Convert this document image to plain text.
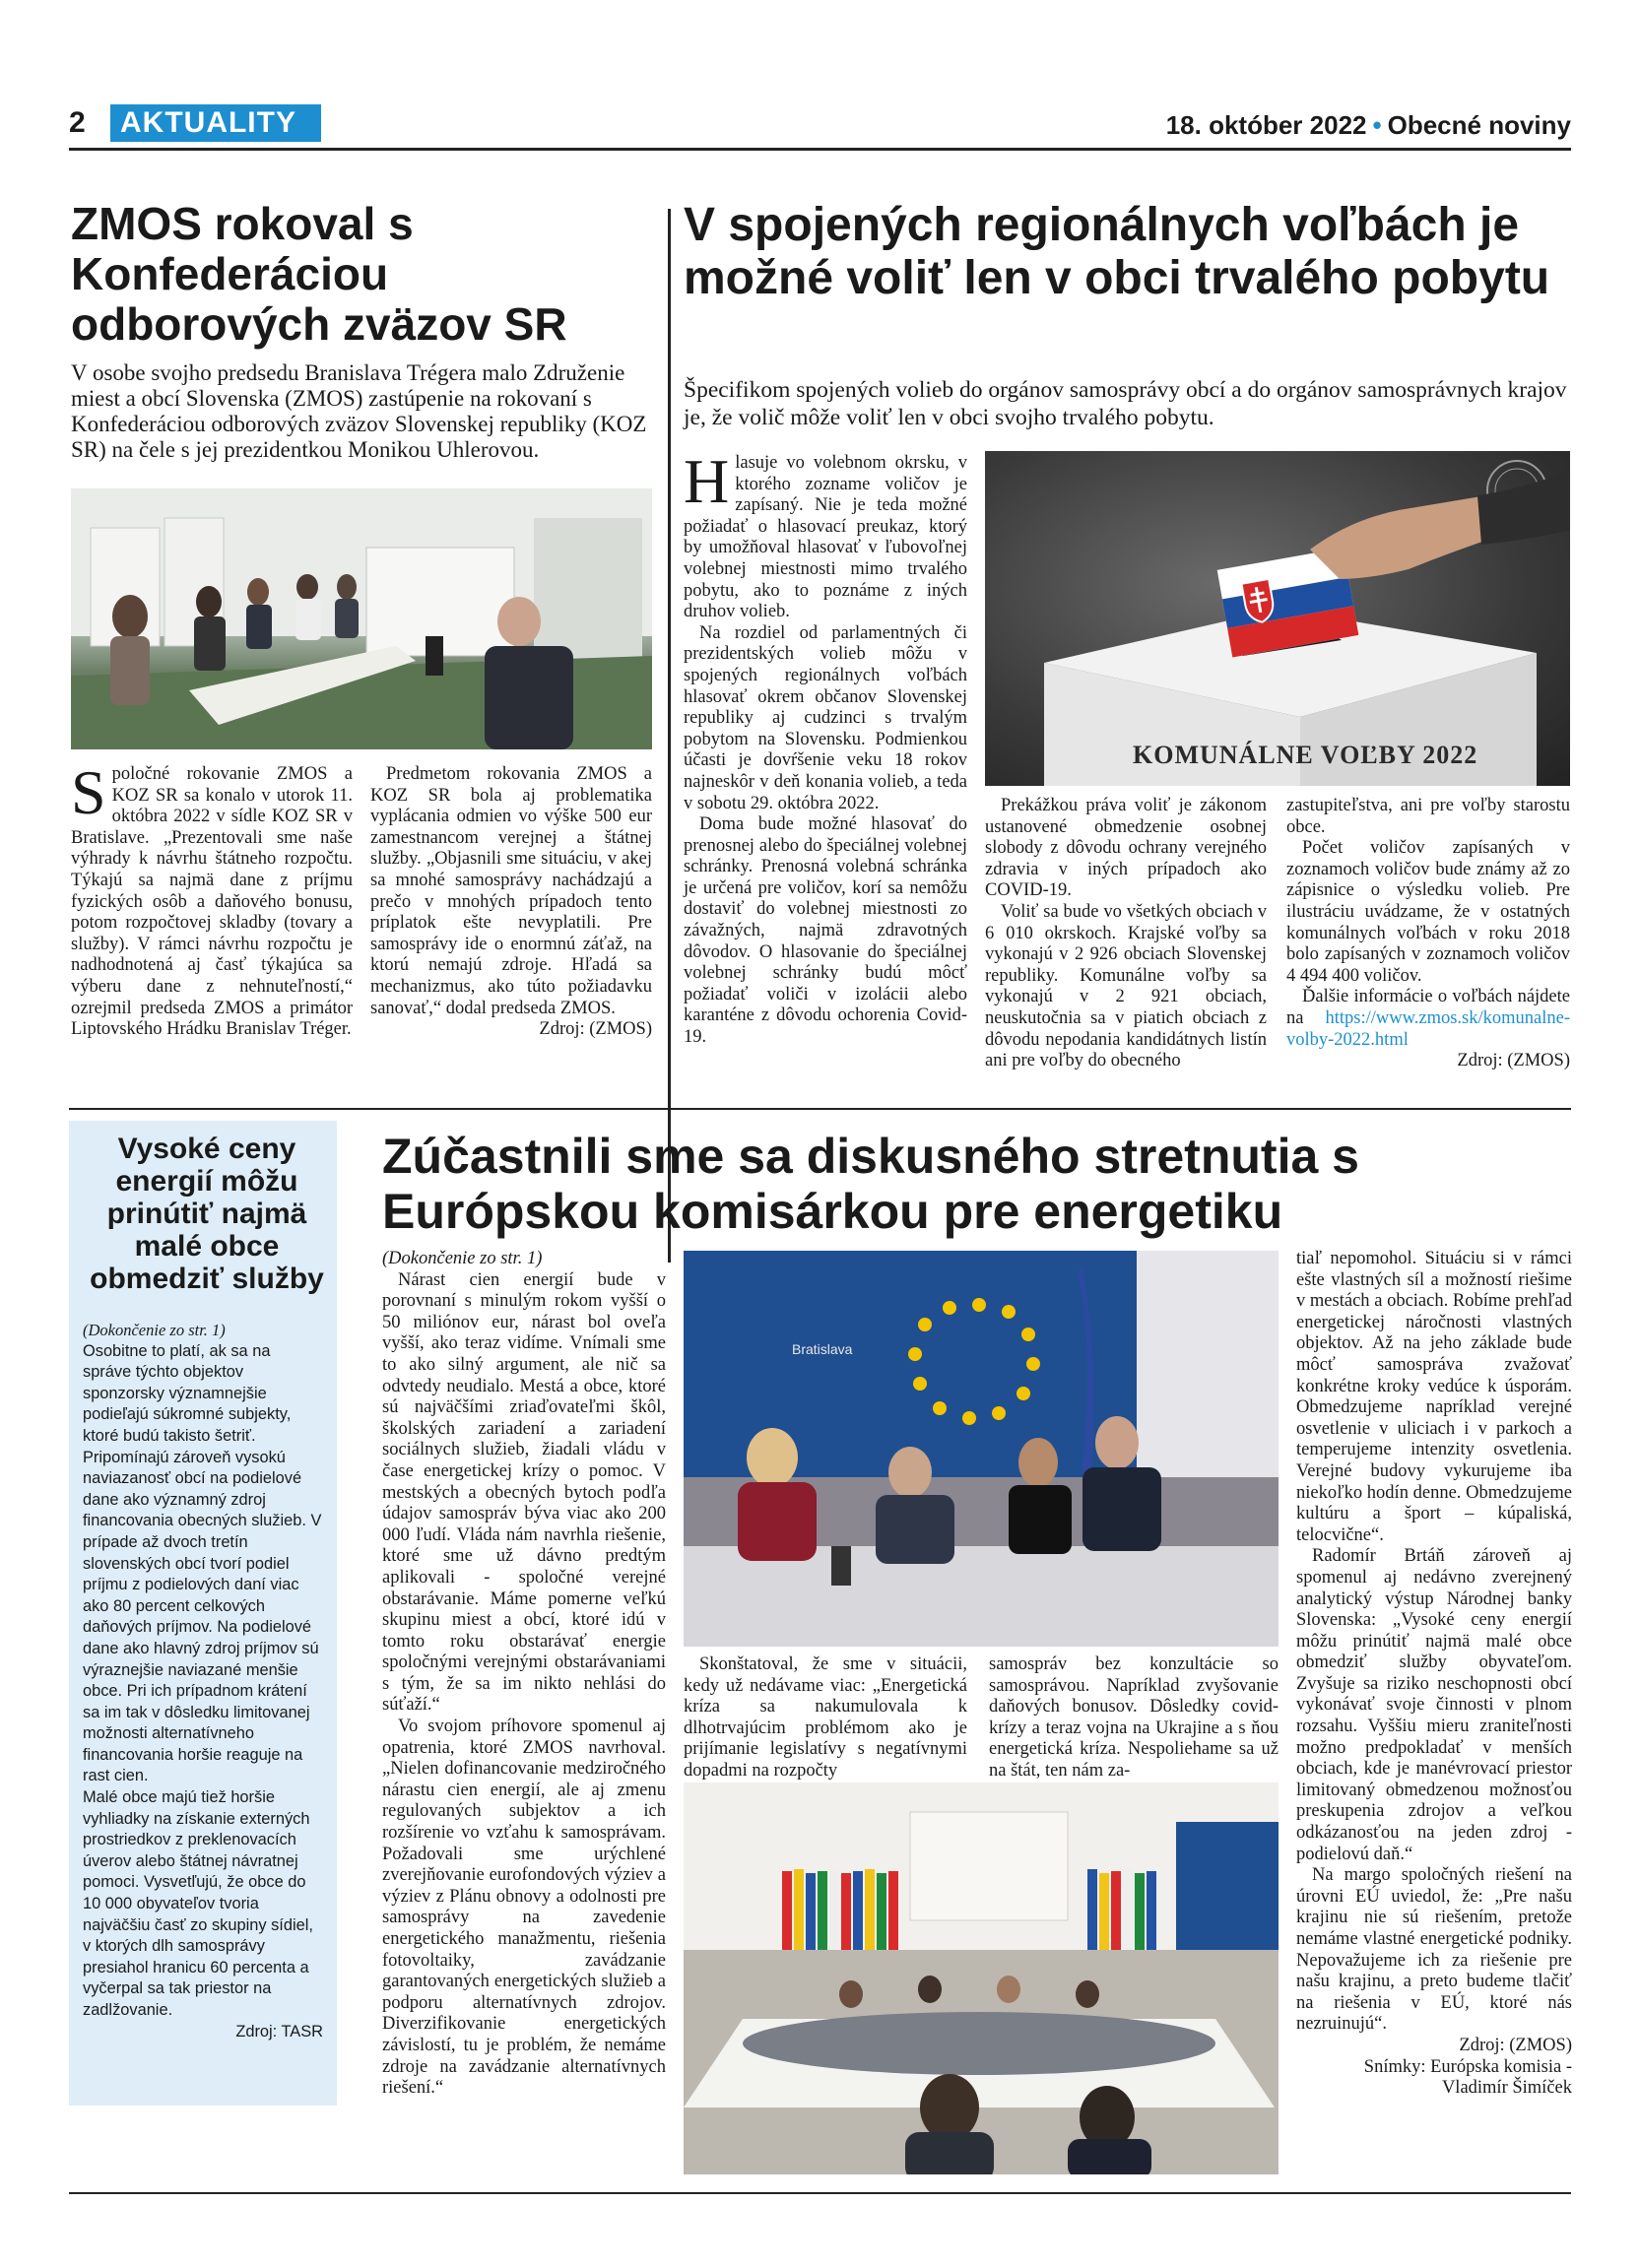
2	AKTUALITY	18. október 2022 • Obecné noviny
ZMOS rokoval s Konfederáciou odborových zväzov SR

V osobe svojho predsedu Branislava Trégera malo Združenie miest a obcí Slovenska (ZMOS) zastúpenie na rokovaní s Konfederáciou odborových zväzov Slovenskej republiky (KOZ SR) na čele s jej prezidentkou Monikou Uhlerovou.

Spoločné rokovanie ZMOS a KOZ SR sa konalo v utorok 11. októbra 2022 v sídle KOZ SR v Bratislave. „Prezentovali sme naše výhrady k návrhu štátneho rozpočtu. Týkajú sa najmä dane z príjmu fyzických osôb a daňového bonusu, potom rozpočtovej skladby (tovary a služby). V rámci návrhu rozpočtu je nadhodnotená aj časť týkajúca sa výberu dane z nehnuteľností,“ ozrejmil predseda ZMOS a primátor Liptovského Hrádku Branislav Tréger.

Predmetom rokovania ZMOS a KOZ SR bola aj problematika vyplácania odmien vo výške 500 eur zamestnancom verejnej a štátnej služby. „Objasnili sme situáciu, v akej sa mnohé samosprávy nachádzajú a prečo v mnohých prípadoch tento príplatok ešte nevyplatili. Pre samosprávy ide o enormnú záťaž, na ktorú nemajú zdroje. Hľadá sa mechanizmus, ako túto požiadavku sanovať,“ dodal predseda ZMOS.

Zdroj: (ZMOS)

V spojených regionálnych voľbách je možné voliť len v obci trvalého pobytu

Špecifikom spojených volieb do orgánov samosprávy obcí a do orgánov samosprávnych krajov je, že volič môže voliť len v obci svojho trvalého pobytu.

Hlasuje vo volebnom okrsku, v ktorého zozname voličov je zapísaný. Nie je teda možné požiadať o hlasovací preukaz, ktorý by umožňoval hlasovať v ľubovoľnej volebnej miestnosti mimo trvalého pobytu, ako to poznáme z iných druhov volieb.

Na rozdiel od parlamentných či prezidentských volieb môžu v spojených regionálnych voľbách hlasovať okrem občanov Slovenskej republiky aj cudzinci s trvalým pobytom na Slovensku. Podmienkou účasti je dovŕšenie veku 18 rokov najneskôr v deň konania volieb, a teda v sobotu 29. októbra 2022.

Doma bude možné hlasovať do prenosnej alebo do špeciálnej volebnej schránky. Prenosná volebná schránka je určená pre voličov, korí sa nemôžu dostaviť do volebnej miestnosti zo závažných, najmä zdravotných dôvodov. O hlasovanie do špeciálnej volebnej schránky budú môcť požiadať voliči v izolácii alebo karanténe z dôvodu ochorenia Covid-19.

KOMUNÁLNE VOĽBY 2022

Prekážkou práva voliť je zákonom ustanovené obmedzenie osobnej slobody z dôvodu ochrany verejného zdravia v iných prípadoch ako COVID-19.

Voliť sa bude vo všetkých obciach v 6 010 okrskoch. Krajské voľby sa vykonajú v 2 926 obciach Slovenskej republiky. Komunálne voľby sa vykonajú v 2 921 obciach, neuskutočnia sa v piatich obciach z dôvodu nepodania kandidátnych listín ani pre voľby do obecného

zastupiteľstva, ani pre voľby starostu obce.

Počet voličov zapísaných v zoznamoch voličov bude známy až zo zápisnice o výsledku volieb. Pre ilustráciu uvádzame, že v ostatných komunálnych voľbách v roku 2018 bolo zapísaných v zoznamoch voličov 4 494 400 voličov.

Ďalšie informácie o voľbách nájdete na https://www.zmos.sk/komunalne-volby-2022.html

Zdroj: (ZMOS)

Vysoké ceny energií môžu prinútiť najmä malé obce obmedziť služby

(Dokončenie zo str. 1)

Osobitne to platí, ak sa na správe týchto objektov sponzorsky významnejšie podieľajú súkromné subjekty, ktoré budú takisto šetriť. Pripomínajú zároveň vysokú naviazanosť obcí na podielové dane ako významný zdroj financovania obecných služieb. V prípade až dvoch tretín slovenských obcí tvorí podiel príjmu z podielových daní viac ako 80 percent celkových daňových príjmov. Na podielové dane ako hlavný zdroj príjmov sú výraznejšie naviazané menšie obce. Pri ich prípadnom krátení sa im tak v dôsledku limitovanej možnosti alternatívneho financovania horšie reaguje na rast cien.

Malé obce majú tiež horšie vyhliadky na získanie externých prostriedkov z preklenovacích úverov alebo štátnej návratnej pomoci. Vysvetľujú, že obce do 10 000 obyvateľov tvoria najväčšiu časť zo skupiny sídiel, v ktorých dlh samosprávy presiahol hranicu 60 percenta a vyčerpal sa tak priestor na zadlžovanie.

Zdroj: TASR

Zúčastnili sme sa diskusného stretnutia s Európskou komisárkou pre energetiku

(Dokončenie zo str. 1)

Nárast cien energií bude v porovnaní s minulým rokom vyšší o 50 miliónov eur, nárast bol oveľa vyšší, ako teraz vidíme. Vnímali sme to ako silný argument, ale nič sa odvtedy neudialo. Mestá a obce, ktoré sú najväčšími zriaďovateľmi škôl, školských zariadení a zariadení sociálnych služieb, žiadali vládu v čase energetickej krízy o pomoc. V mestských a obecných bytoch podľa údajov samospráv býva viac ako 200 000 ľudí. Vláda nám navrhla riešenie, ktoré sme už dávno predtým aplikovali - spoločné verejné obstarávanie. Máme pomerne veľkú skupinu miest a obcí, ktoré idú v tomto roku obstarávať energie spoločnými verejnými obstarávaniami s tým, že sa im nikto nehlási do súťaží.“

Vo svojom príhovore spomenul aj opatrenia, ktoré ZMOS navrhoval. „Nielen dofinancovanie medziročného nárastu cien energií, ale aj zmenu regulovaných subjektov a ich rozšírenie vo vzťahu k samosprávam. Požadovali sme urýchlené zverejňovanie eurofondových výziev a výziev z Plánu obnovy a odolnosti pre samosprávy na zavedenie energetického manažmentu, riešenia fotovoltaiky, zavádzanie garantovaných energetických služieb a podporu alternatívnych zdrojov. Diverzifikovanie energetických závislostí, tu je problém, že nemáme zdroje na zavádzanie alternatívnych riešení.“

Bratislava

Skonštatoval, že sme v situácii, kedy už nedávame viac: „Energetická kríza sa nakumulovala k dlhotrvajúcim problémom ako je prijímanie legislatívy s negatívnymi dopadmi na rozpočty

samospráv bez konzultácie so samosprávou. Napríklad zvyšovanie daňových bonusov. Dôsledky covid-krízy a teraz vojna na Ukrajine a s ňou energetická kríza. Nespoliehame sa už na štát, ten nám za-

tiaľ nepomohol. Situáciu si v rámci ešte vlastných síl a možností riešime v mestách a obciach. Robíme prehľad energetickej náročnosti vlastných objektov. Až na jeho základe bude môcť samospráva zvažovať konkrétne kroky vedúce k úsporám. Obmedzujeme napríklad verejné osvetlenie v uliciach i v parkoch a temperujeme intenzity osvetlenia. Verejné budovy vykurujeme iba niekoľko hodín denne. Obmedzujeme kultúru a šport – kúpaliská, telocvične“.

Radomír Brtáň zároveň aj spomenul aj nedávno zverejnený analytický výstup Národnej banky Slovenska: „Vysoké ceny energií môžu prinútiť najmä malé obce obmedziť služby obyvateľom. Zvyšuje sa riziko neschopnosti obcí vykonávať svoje činnosti v plnom rozsahu. Vyššiu mieru zraniteľnosti možno predpokladať v menších obciach, kde je manévrovací priestor limitovaný obmedzenou možnosťou preskupenia zdrojov a veľkou odkázanosťou na jeden zdroj - podielovú daň.“

Na margo spoločných riešení na úrovni EÚ uviedol, že: „Pre našu krajinu nie sú riešením, pretože nemáme vlastné energetické podniky. Nepovažujeme ich za riešenie pre našu krajinu, a preto budeme tlačiť na riešenia v EÚ, ktoré nás nezruinujú“.

Zdroj: (ZMOS)

Snímky: Európska komisia -

Vladimír Šimíček
